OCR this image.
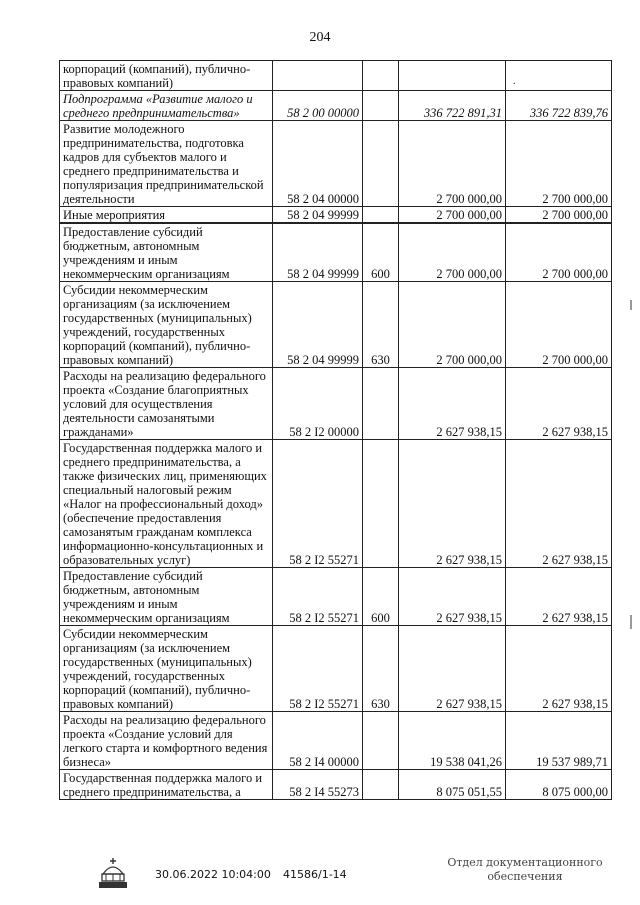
204
корпораций (компаний), публично-правовых компаний)				
Подпрограмма «Развитие малого и среднего предпринимательства»	58 2 00 00000		336 722 891,31	336 722 839,76
Развитие молодежного предпринимательства, подготовка кадров для субъектов малого и среднего предпринимательства и популяризация предпринимательской деятельности	58 2 04 00000		2 700 000,00	2 700 000,00
Иные мероприятия	58 2 04 99999		2 700 000,00	2 700 000,00
Предоставление субсидий бюджетным, автономным учреждениям и иным некоммерческим организациям	58 2 04 99999	600	2 700 000,00	2 700 000,00
Субсидии некоммерческим организациям (за исключением государственных (муниципальных) учреждений, государственных корпораций (компаний), публично-правовых компаний)	58 2 04 99999	630	2 700 000,00	2 700 000,00
Расходы на реализацию федерального проекта «Создание благоприятных условий для осуществления деятельности самозанятыми гражданами»	58 2 I2 00000		2 627 938,15	2 627 938,15
Государственная поддержка малого и среднего предпринимательства, а также физических лиц, применяющих специальный налоговый режим «Налог на профессиональный доход» (обеспечение предоставления самозанятым гражданам комплекса информационно-консультационных и образовательных услуг)	58 2 I2 55271		2 627 938,15	2 627 938,15
Предоставление субсидий бюджетным, автономным учреждениям и иным некоммерческим организациям	58 2 I2 55271	600	2 627 938,15	2 627 938,15
Субсидии некоммерческим организациям (за исключением государственных (муниципальных) учреждений, государственных корпораций (компаний), публично-правовых компаний)	58 2 I2 55271	630	2 627 938,15	2 627 938,15
Расходы на реализацию федерального проекта «Создание условий для легкого старта и комфортного ведения бизнеса»	58 2 I4 00000		19 538 041,26	19 537 989,71
Государственная поддержка малого и среднего предпринимательства, а	58 2 I4 55273		8 075 051,55	8 075 000,00
.
30.06.2022 10:04:00 41586/1-14
Отдел документационного
обеспечения
